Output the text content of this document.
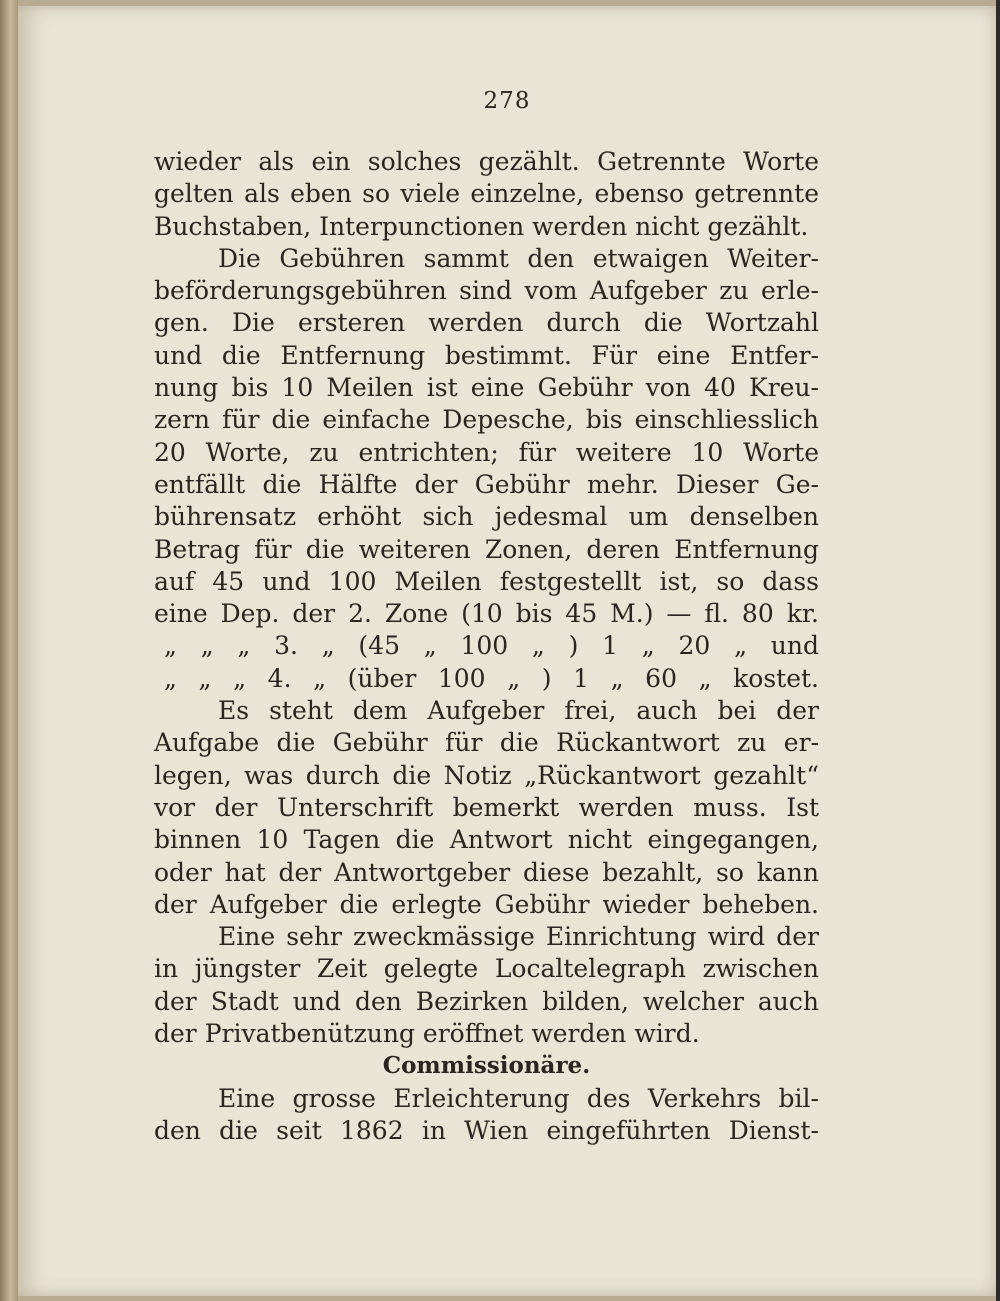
278
wieder als ein solches gezählt. Getrennte Worte
gelten als eben so viele einzelne, ebenso getrennte
Buchstaben, Interpunctionen werden nicht gezählt.
Die Gebühren sammt den etwaigen Weiter-
beförderungsgebühren sind vom Aufgeber zu erle-
gen. Die ersteren werden durch die Wortzahl
und die Entfernung bestimmt. Für eine Entfer-
nung bis 10 Meilen ist eine Gebühr von 40 Kreu-
zern für die einfache Depesche, bis einschliesslich
20 Worte, zu entrichten; für weitere 10 Worte
entfällt die Hälfte der Gebühr mehr. Dieser Ge-
bührensatz erhöht sich jedesmal um denselben
Betrag für die weiteren Zonen, deren Entfernung
auf 45 und 100 Meilen festgestellt ist, so dass
eine Dep. der 2. Zone (10 bis 45 M.) — fl. 80 kr.
„ „ „ 3. „ (45 „ 100 „ ) 1 „ 20 „ und
„ „ „ 4. „ (über 100 „ ) 1 „ 60 „ kostet.
Es steht dem Aufgeber frei, auch bei der
Aufgabe die Gebühr für die Rückantwort zu er-
legen, was durch die Notiz „Rückantwort gezahlt“
vor der Unterschrift bemerkt werden muss. Ist
binnen 10 Tagen die Antwort nicht eingegangen,
oder hat der Antwortgeber diese bezahlt, so kann
der Aufgeber die erlegte Gebühr wieder beheben.
Eine sehr zweckmässige Einrichtung wird der
in jüngster Zeit gelegte Localtelegraph zwischen
der Stadt und den Bezirken bilden, welcher auch
der Privatbenützung eröffnet werden wird.
Commissionäre.
Eine grosse Erleichterung des Verkehrs bil-
den die seit 1862 in Wien eingeführten Dienst-
